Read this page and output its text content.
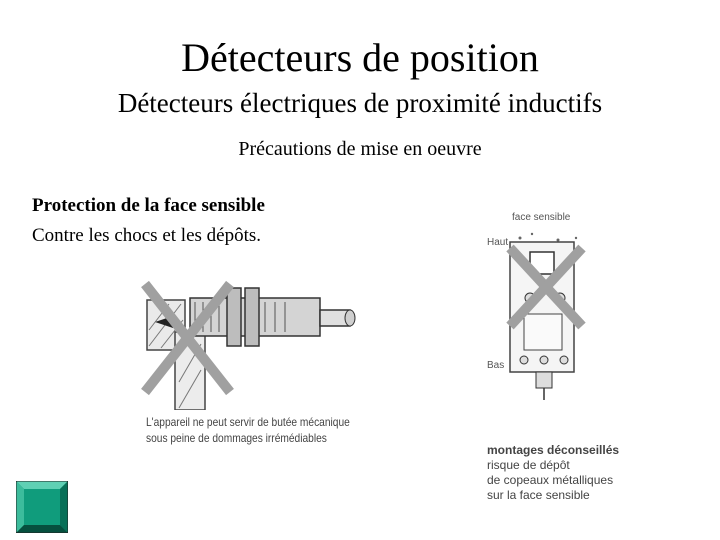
Détecteurs de position
Détecteurs électriques de proximité inductifs
Précautions de mise en oeuvre
Protection de la face sensible
Contre les chocs et les dépôts.
L'appareil ne peut servir de butée mécanique
sous peine de dommages irrémédiables
face sensible
Haut
Bas
montages déconseillés
risque de dépôt
de copeaux métalliques
sur la face sensible
